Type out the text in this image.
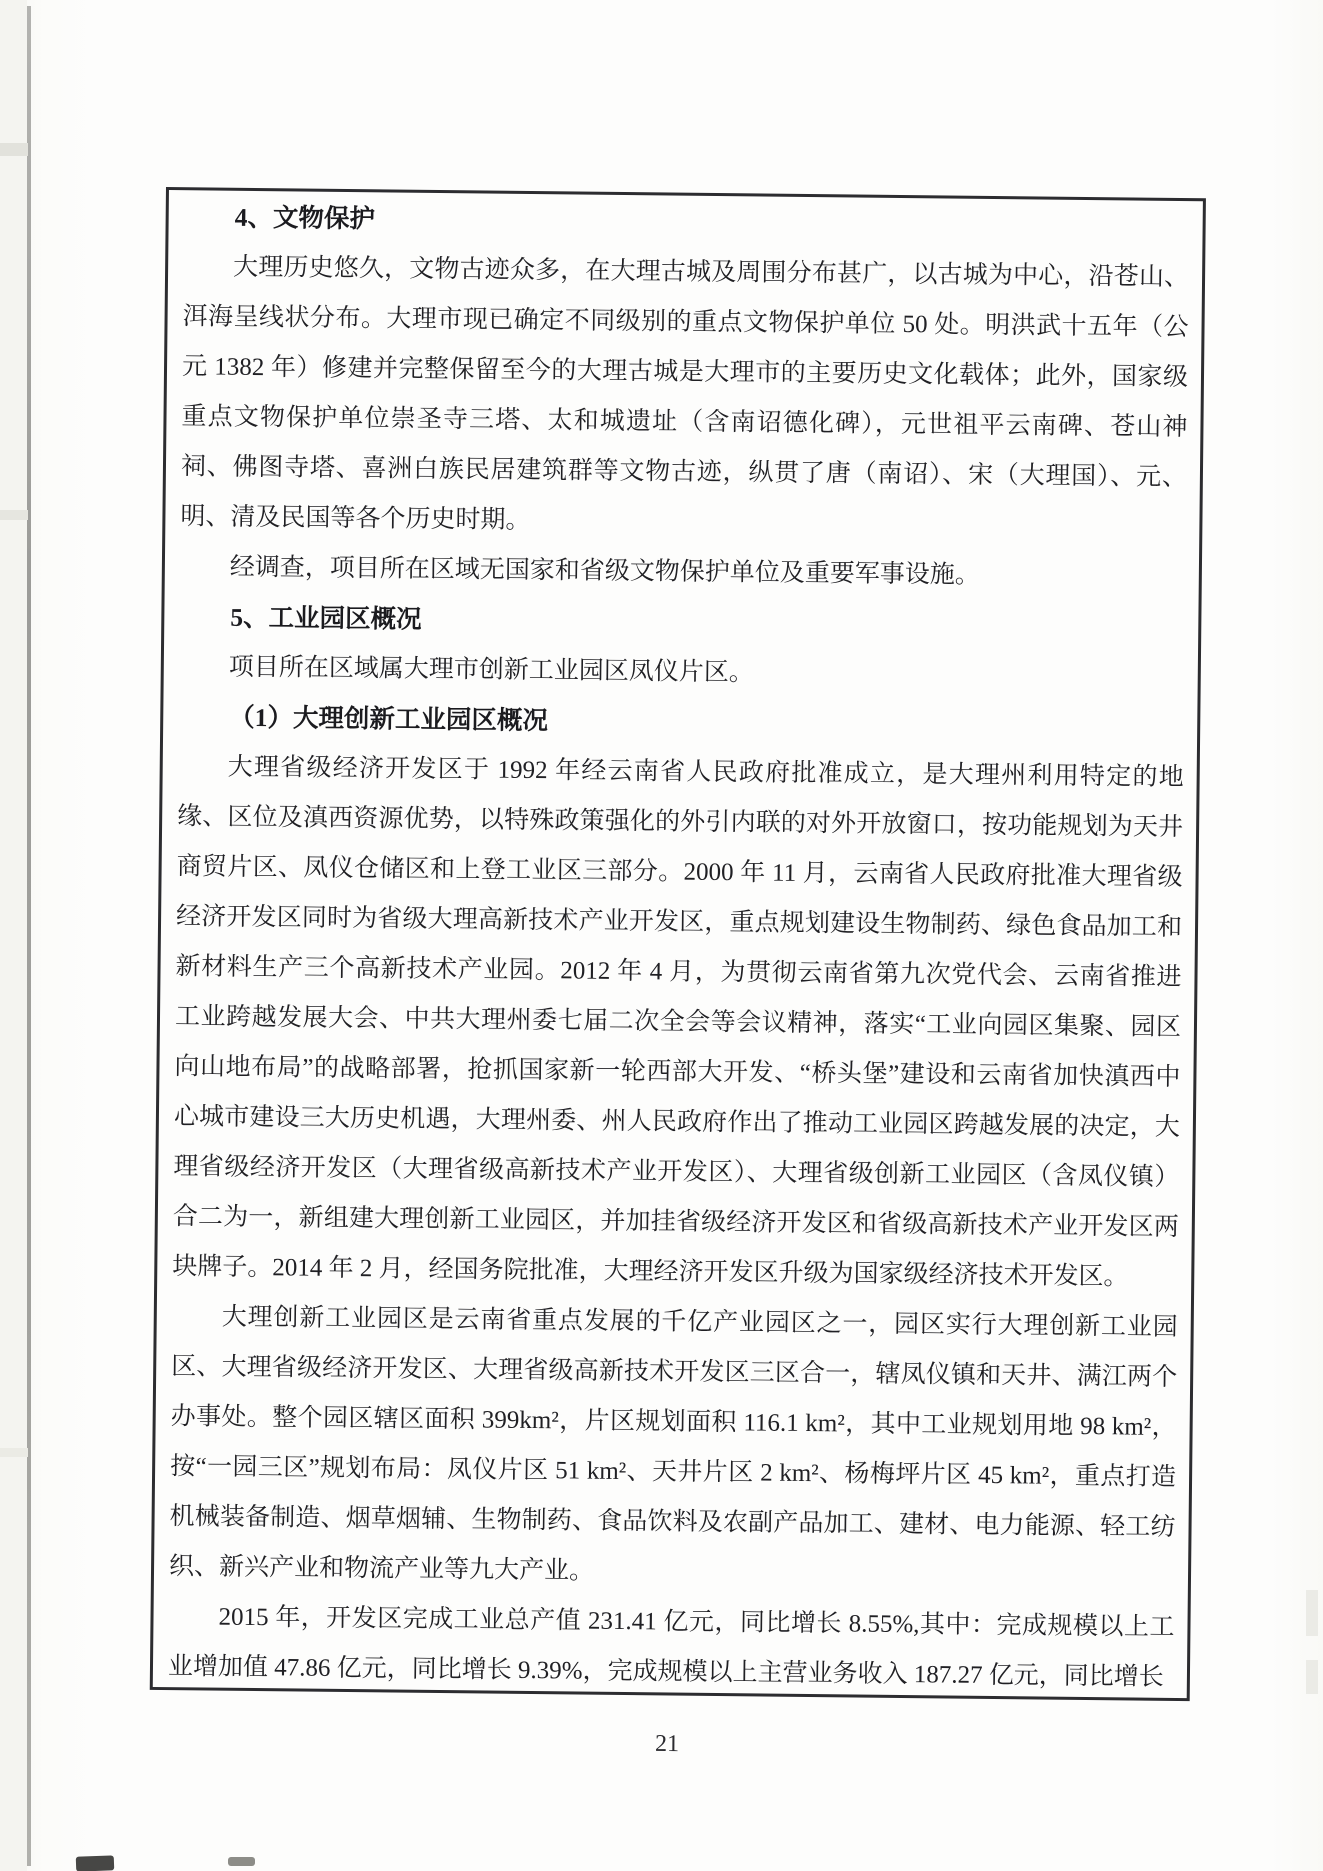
4、文物保护

大理历史悠久，文物古迹众多，在大理古城及周围分布甚广，以古城为中心，沿苍山、洱海呈线状分布。大理市现已确定不同级别的重点文物保护单位 50 处。明洪武十五年（公元 1382 年）修建并完整保留至今的大理古城是大理市的主要历史文化载体；此外，国家级重点文物保护单位崇圣寺三塔、太和城遗址（含南诏德化碑），元世祖平云南碑、苍山神祠、佛图寺塔、喜洲白族民居建筑群等文物古迹，纵贯了唐（南诏）、宋（大理国）、元、明、清及民国等各个历史时期。

经调查，项目所在区域无国家和省级文物保护单位及重要军事设施。

5、工业园区概况

项目所在区域属大理市创新工业园区凤仪片区。

（1）大理创新工业园区概况

大理省级经济开发区于 1992 年经云南省人民政府批准成立，是大理州利用特定的地缘、区位及滇西资源优势，以特殊政策强化的外引内联的对外开放窗口，按功能规划为天井商贸片区、凤仪仓储区和上登工业区三部分。2000 年 11 月，云南省人民政府批准大理省级经济开发区同时为省级大理高新技术产业开发区，重点规划建设生物制药、绿色食品加工和新材料生产三个高新技术产业园。2012 年 4 月，为贯彻云南省第九次党代会、云南省推进工业跨越发展大会、中共大理州委七届二次全会等会议精神，落实“工业向园区集聚、园区向山地布局”的战略部署，抢抓国家新一轮西部大开发、“桥头堡”建设和云南省加快滇西中心城市建设三大历史机遇，大理州委、州人民政府作出了推动工业园区跨越发展的决定，大理省级经济开发区（大理省级高新技术产业开发区）、大理省级创新工业园区（含凤仪镇）合二为一，新组建大理创新工业园区，并加挂省级经济开发区和省级高新技术产业开发区两块牌子。2014 年 2 月，经国务院批准，大理经济开发区升级为国家级经济技术开发区。

大理创新工业园区是云南省重点发展的千亿产业园区之一，园区实行大理创新工业园区、大理省级经济开发区、大理省级高新技术开发区三区合一，辖凤仪镇和天井、满江两个办事处。整个园区辖区面积 399km²，片区规划面积 116.1 km²，其中工业规划用地 98 km²，按“一园三区”规划布局：凤仪片区 51 km²、天井片区 2 km²、杨梅坪片区 45 km²，重点打造机械装备制造、烟草烟辅、生物制药、食品饮料及农副产品加工、建材、电力能源、轻工纺织、新兴产业和物流产业等九大产业。

2015 年，开发区完成工业总产值 231.41 亿元，同比增长 8.55%,其中：完成规模以上工业增加值 47.86 亿元，同比增长 9.39%，完成规模以上主营业务收入 187.27 亿元，同比增长

21
